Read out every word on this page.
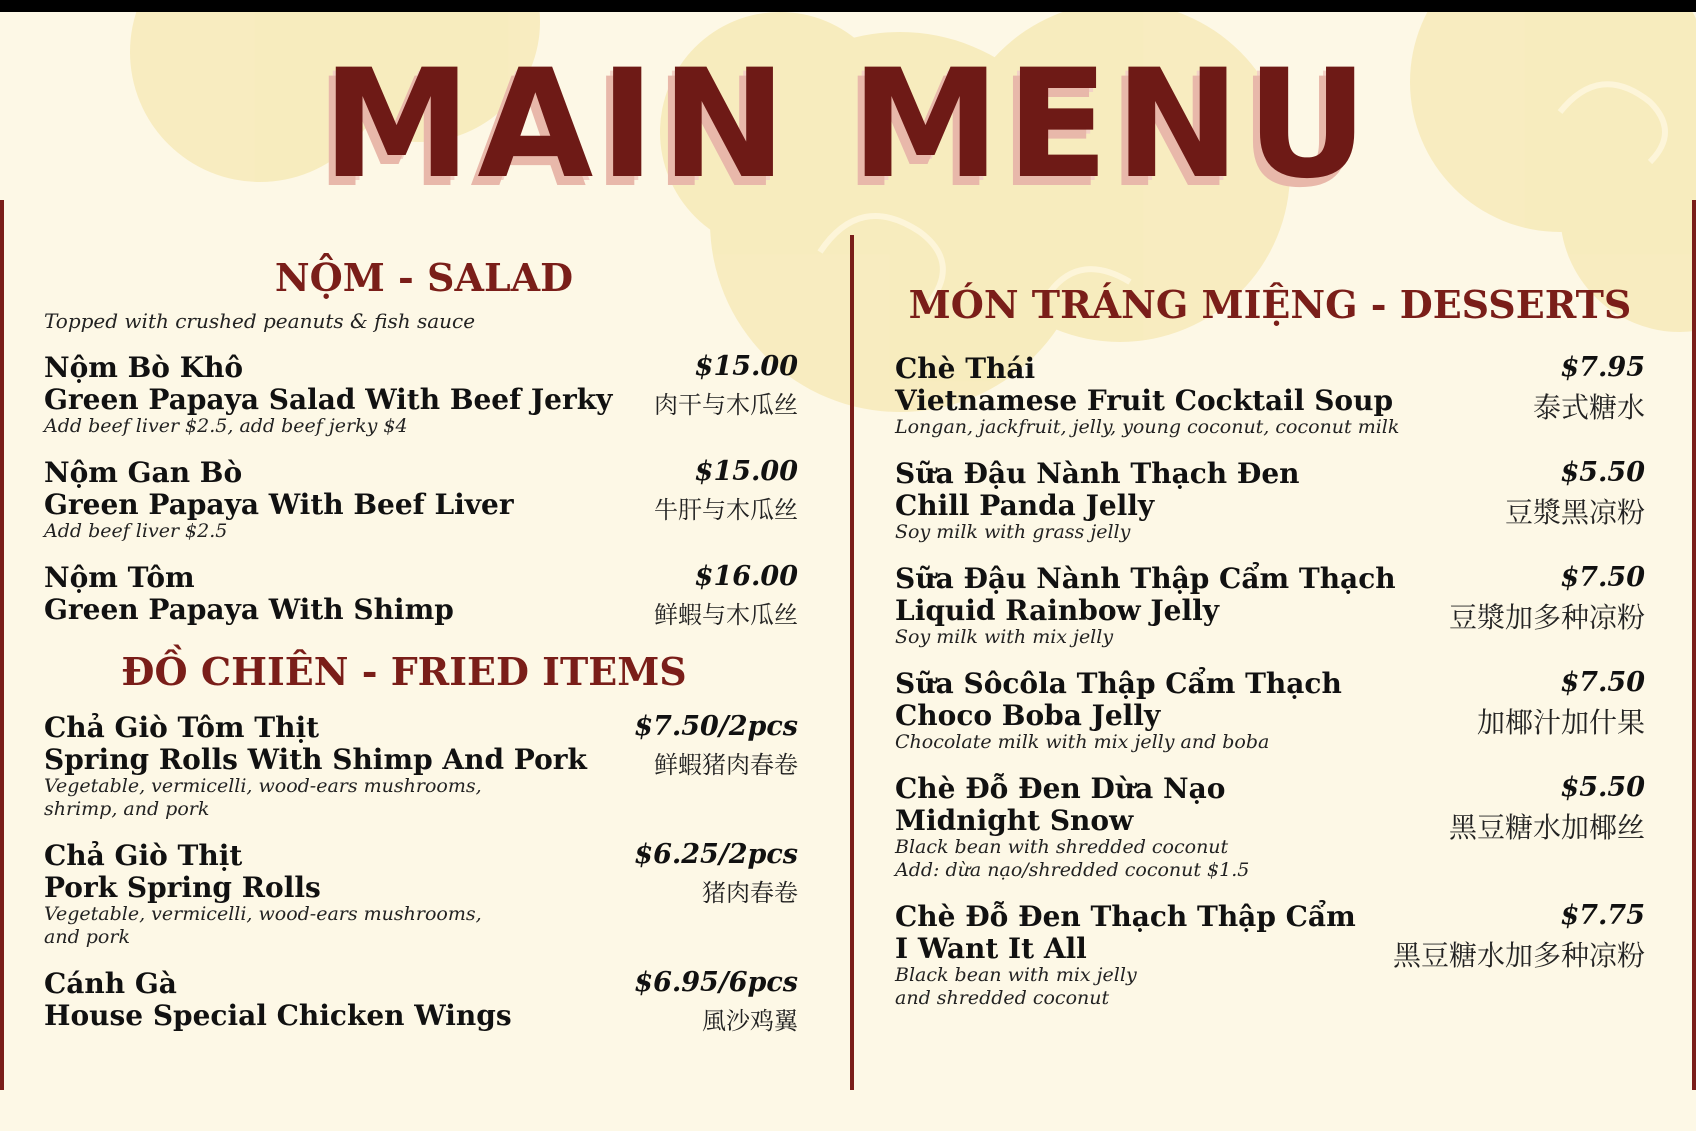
MAIN MENU
NỘM - SALAD
Topped with crushed peanuts & fish sauce
Nộm Bò Khô
Green Papaya Salad With Beef Jerky
Add beef liver $2.5, add beef jerky $4
$15.00
肉干与木瓜丝
Nộm Gan Bò
Green Papaya With Beef Liver
Add beef liver $2.5
$15.00
牛肝与木瓜丝
Nộm Tôm
Green Papaya With Shimp
$16.00
鲜蝦与木瓜丝
ĐỒ CHIÊN - FRIED ITEMS
Chả Giò Tôm Thịt
Spring Rolls With Shimp And Pork
Vegetable, vermicelli, wood-ears mushrooms,
shrimp, and pork
$7.50/2pcs
鲜蝦猪肉春卷
Chả Giò Thịt
Pork Spring Rolls
Vegetable, vermicelli, wood-ears mushrooms,
and pork
$6.25/2pcs
猪肉春卷
Cánh Gà
House Special Chicken Wings
$6.95/6pcs
風沙鸡翼
MÓN TRÁNG MIỆNG - DESSERTS
Chè Thái
Vietnamese Fruit Cocktail Soup
Longan, jackfruit, jelly, young coconut, coconut milk
$7.95
泰式糖水
Sữa Đậu Nành Thạch Đen
Chill Panda Jelly
Soy milk with grass jelly
$5.50
豆漿黑凉粉
Sữa Đậu Nành Thập Cẩm Thạch
Liquid Rainbow Jelly
Soy milk with mix jelly
$7.50
豆漿加多种凉粉
Sữa Sôcôla Thập Cẩm Thạch
Choco Boba Jelly
Chocolate milk with mix jelly and boba
$7.50
加椰汁加什果
Chè Đỗ Đen Dừa Nạo
Midnight Snow
Black bean with shredded coconut
Add: dừa nạo/shredded coconut $1.5
$5.50
黑豆糖水加椰丝
Chè Đỗ Đen Thạch Thập Cẩm
I Want It All
Black bean with mix jelly
and shredded coconut
$7.75
黑豆糖水加多种凉粉
